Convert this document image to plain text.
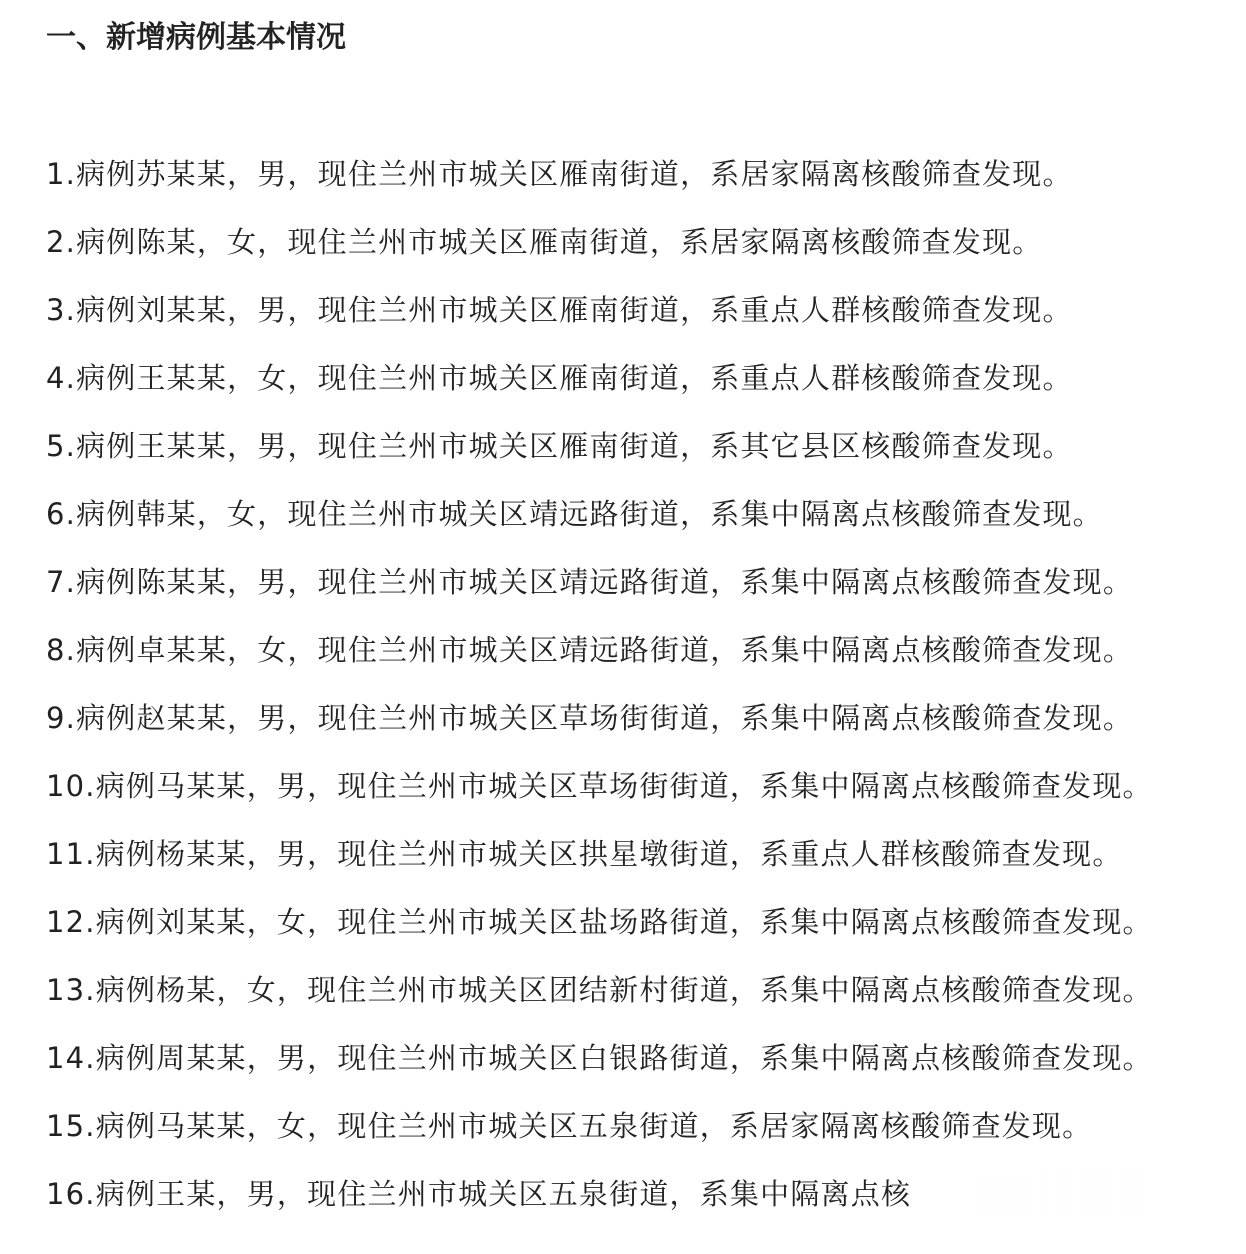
一、新增病例基本情况
1.病例苏某某，男，现住兰州市城关区雁南街道，系居家隔离核酸筛查发现。
2.病例陈某，女，现住兰州市城关区雁南街道，系居家隔离核酸筛查发现。
3.病例刘某某，男，现住兰州市城关区雁南街道，系重点人群核酸筛查发现。
4.病例王某某，女，现住兰州市城关区雁南街道，系重点人群核酸筛查发现。
5.病例王某某，男，现住兰州市城关区雁南街道，系其它县区核酸筛查发现。
6.病例韩某，女，现住兰州市城关区靖远路街道，系集中隔离点核酸筛查发现。
7.病例陈某某，男，现住兰州市城关区靖远路街道，系集中隔离点核酸筛查发现。
8.病例卓某某，女，现住兰州市城关区靖远路街道，系集中隔离点核酸筛查发现。
9.病例赵某某，男，现住兰州市城关区草场街街道，系集中隔离点核酸筛查发现。
10.病例马某某，男，现住兰州市城关区草场街街道，系集中隔离点核酸筛查发现。
11.病例杨某某，男，现住兰州市城关区拱星墩街道，系重点人群核酸筛查发现。
12.病例刘某某，女，现住兰州市城关区盐场路街道，系集中隔离点核酸筛查发现。
13.病例杨某，女，现住兰州市城关区团结新村街道，系集中隔离点核酸筛查发现。
14.病例周某某，男，现住兰州市城关区白银路街道，系集中隔离点核酸筛查发现。
15.病例马某某，女，现住兰州市城关区五泉街道，系居家隔离核酸筛查发现。
16.病例王某，男，现住兰州市城关区五泉街道，系集中隔离点核
